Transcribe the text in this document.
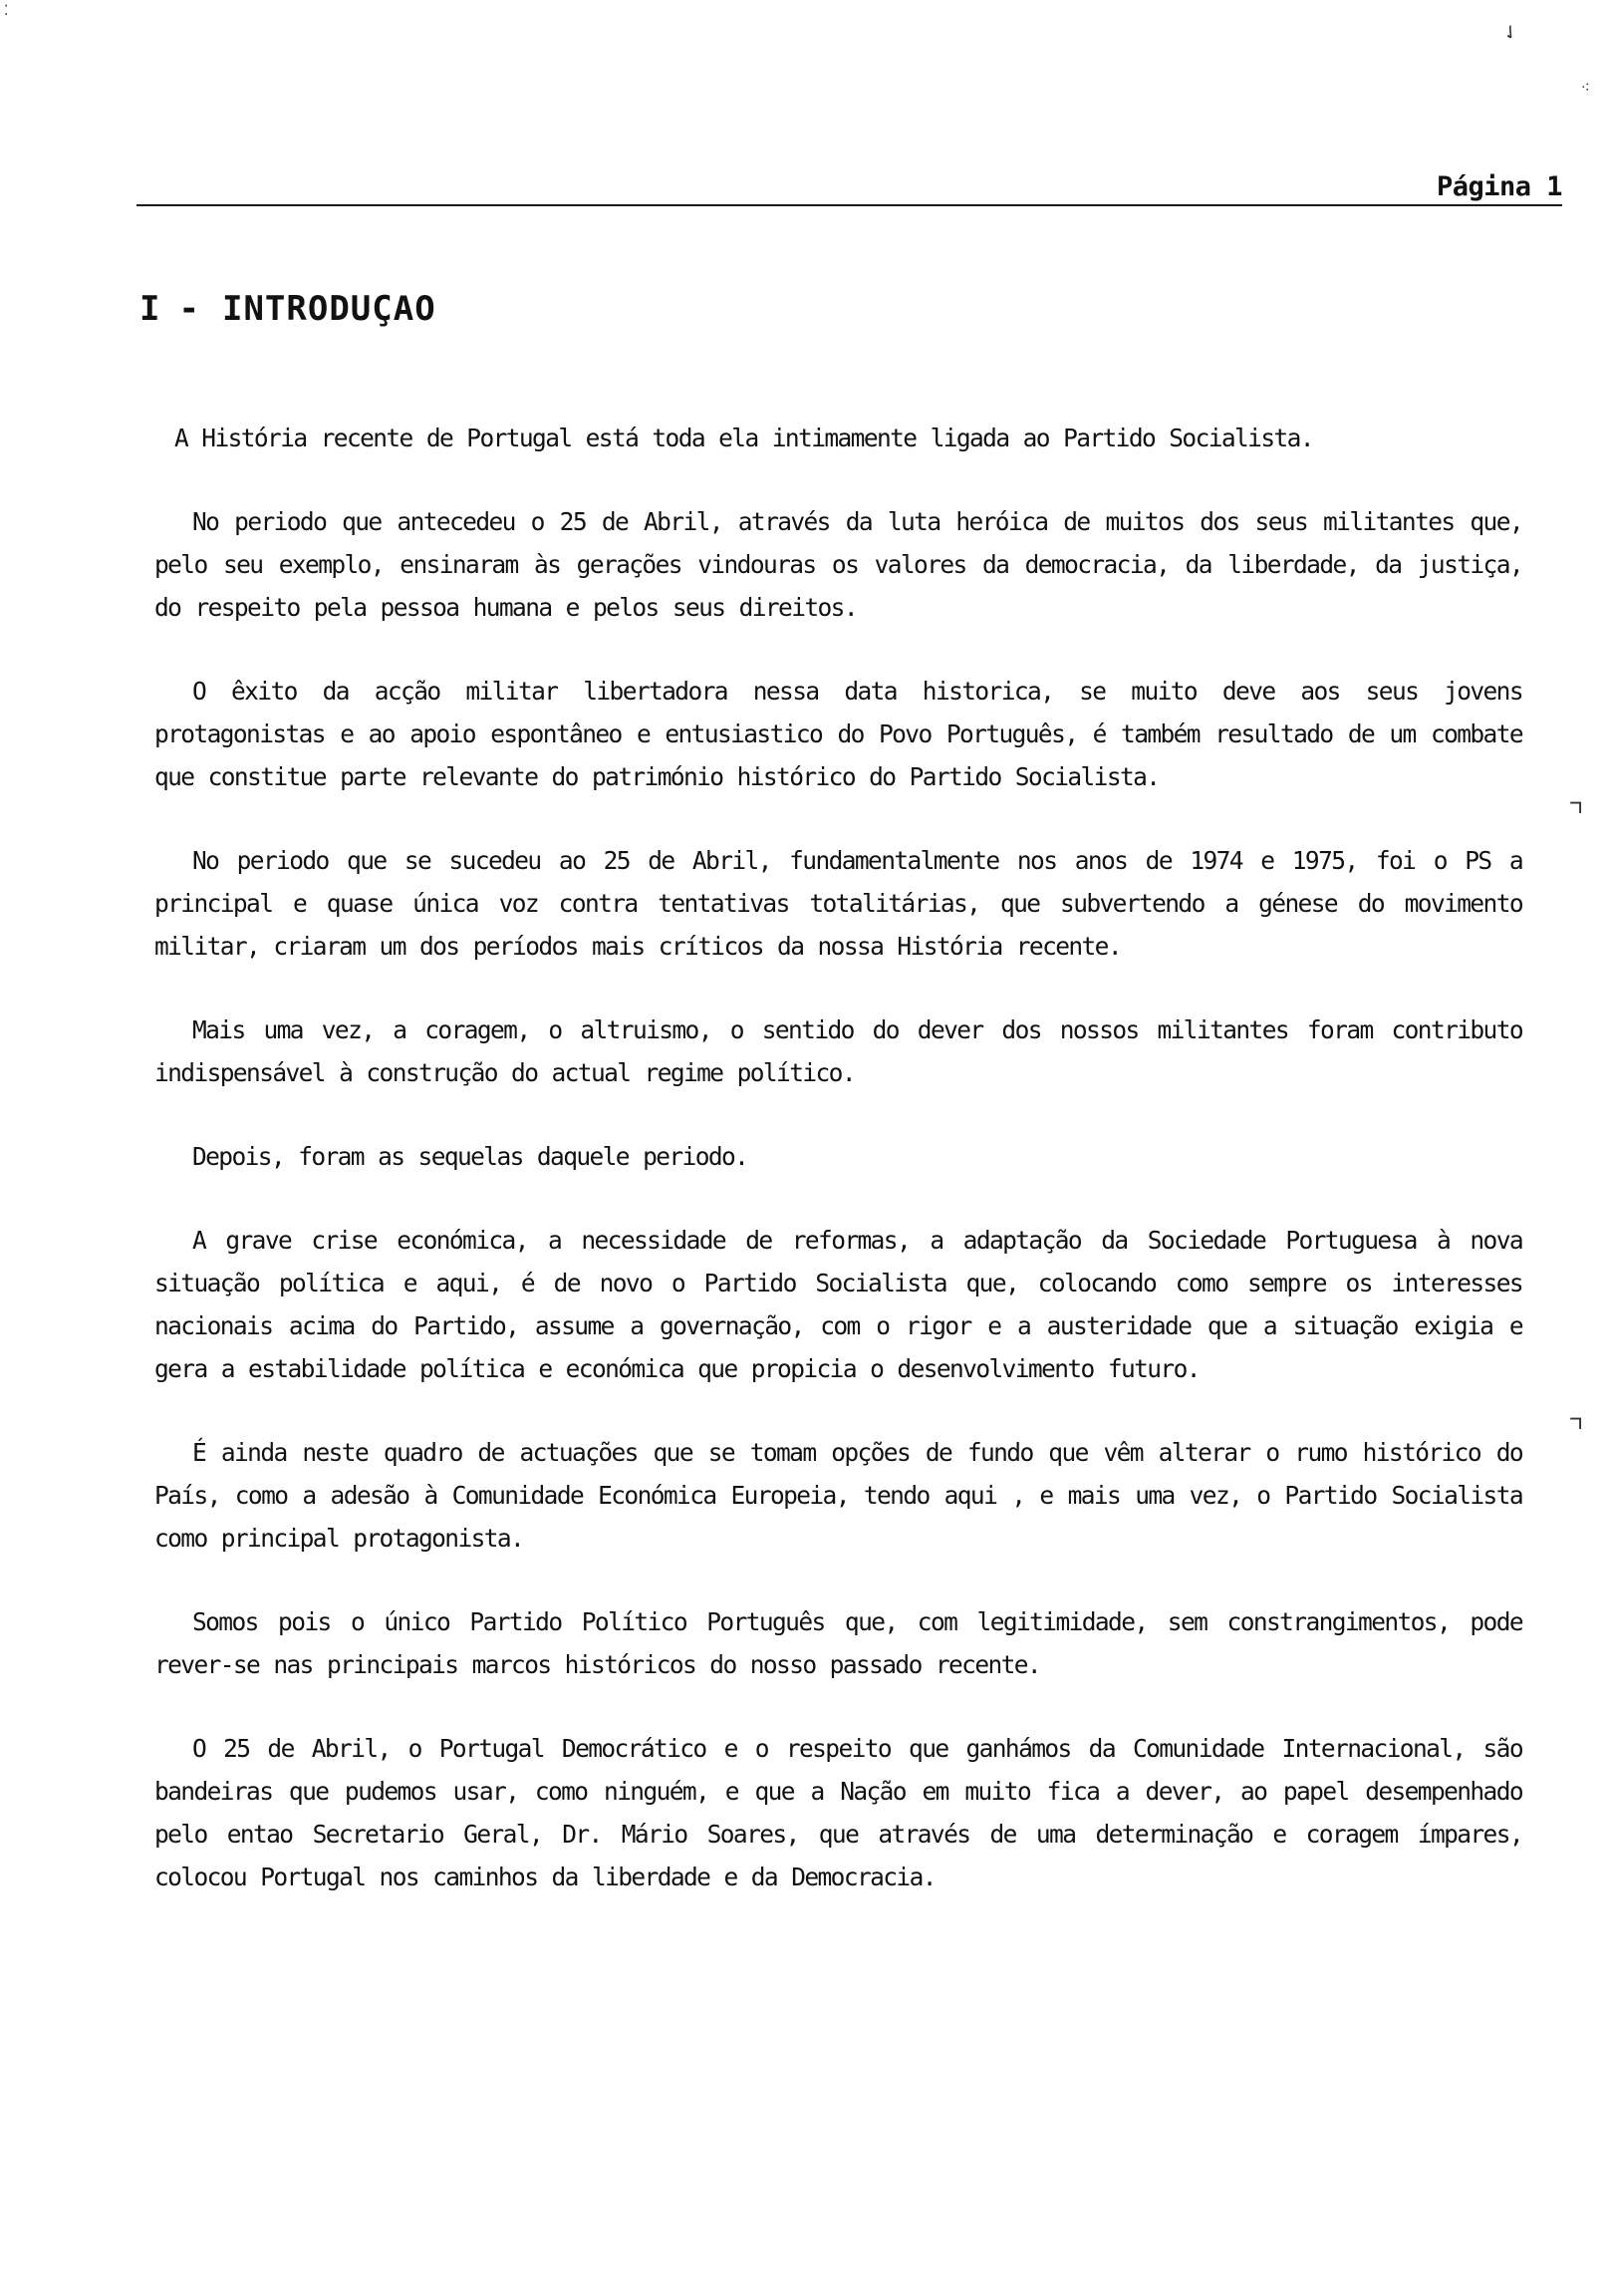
⁚
✓
⁖
⌝
⌝
Página 1
I - INTRODUÇAO

A História recente de Portugal está toda ela intimamente ligada ao Partido Socialista.

No periodo que antecedeu o 25 de Abril, através da luta heróica de muitos dos seus militantes que, pelo seu exemplo, ensinaram às gerações vindouras os valores da democracia, da liberdade, da justiça, do respeito pela pessoa humana e pelos seus direitos.

O êxito da acção militar libertadora nessa data historica, se muito deve aos seus jovens protagonistas e ao apoio espontâneo e entusiastico do Povo Português, é também resultado de um combate que constitue parte relevante do património histórico do Partido Socialista.

No periodo que se sucedeu ao 25 de Abril, fundamentalmente nos anos de 1974 e 1975, foi o PS a principal e quase única voz contra tentativas totalitárias, que subvertendo a génese do movimento militar, criaram um dos períodos mais críticos da nossa História recente.

Mais uma vez, a coragem, o altruismo, o sentido do dever dos nossos militantes foram contributo indispensável à construção do actual regime político.

Depois, foram as sequelas daquele periodo.

A grave crise económica, a necessidade de reformas, a adaptação da Sociedade Portuguesa à nova situação política e aqui, é de novo o Partido Socialista que, colocando como sempre os interesses nacionais acima do Partido, assume a governação, com o rigor e a austeridade que a situação exigia e gera a estabilidade política e económica que propicia o desenvolvimento futuro.

É ainda neste quadro de actuações que se tomam opções de fundo que vêm alterar o rumo histórico do País, como a adesão à Comunidade Económica Europeia, tendo aqui , e mais uma vez, o Partido Socialista como principal protagonista.

Somos pois o único Partido Político Português que, com legitimidade, sem constrangimentos, pode rever-se nas principais marcos históricos do nosso passado recente.

O 25 de Abril, o Portugal Democrático e o respeito que ganhámos da Comunidade Internacional, são bandeiras que pudemos usar, como ninguém, e que a Nação em muito fica a dever, ao papel desempenhado pelo entao Secretario Geral, Dr. Mário Soares, que através de uma determinação e coragem ímpares, colocou Portugal nos caminhos da liberdade e da Democracia.
